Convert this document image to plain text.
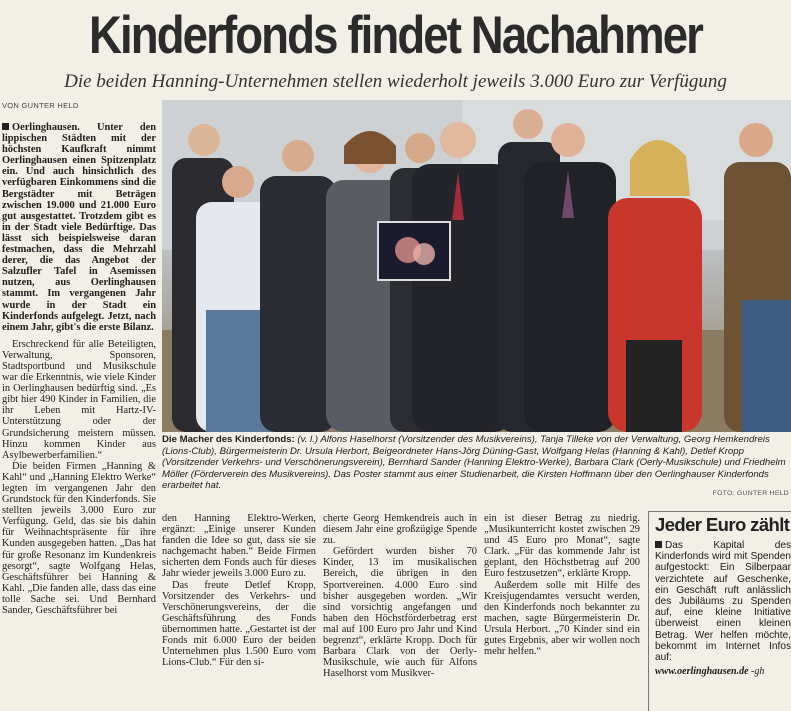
Kinderfonds findet Nachahmer
Die beiden Hanning-Unternehmen stellen wiederholt jeweils 3.000 Euro zur Verfügung
VON GUNTER HELD

Oerlinghausen. Unter den lippischen Städten mit der höchsten Kaufkraft nimmt Oerlinghausen einen Spitzenplatz ein. Und auch hinsichtlich des verfügbaren Einkommens sind die Bergstädter mit Beträgen zwischen 19.000 und 21.000 Euro gut ausgestattet. Trotzdem gibt es in der Stadt viele Bedürftige. Das lässt sich beispielsweise daran festmachen, dass die Mehrzahl derer, die das Angebot der Salzufler Tafel in Asemissen nutzen, aus Oerlinghausen stammt. Im vergangenen Jahr wurde in der Stadt ein Kinderfonds aufgelegt. Jetzt, nach einem Jahr, gibt's die erste Bilanz.

Erschreckend für alle Beteiligten, Verwaltung, Sponsoren, Stadtsportbund und Musikschule war die Erkenntnis, wie viele Kinder in Oerlinghausen bedürftig sind. „Es gibt hier 490 Kinder in Familien, die ihr Leben mit Hartz-IV-Unterstützung oder der Grundsicherung meistern müssen. Hinzu kommen Kinder aus Asylbewerberfamilien.“

Die beiden Firmen „Hanning & Kahl“ und „Hanning Elektro Werke“ legten im vergangenen Jahr den Grundstock für den Kinderfonds. Sie stellten jeweils 3.000 Euro zur Verfügung. Geld, das sie bis dahin für Weihnachtspräsente für ihre Kunden ausgegeben hatten. „Das hat für große Resonanz im Kundenkreis gesorgt“, sagte Wolfgang Helas, Geschäftsführer bei Hanning & Kahl. „Die fanden alle, dass das eine tolle Sache sei. Und Bernhard Sander, Geschäftsführer bei

Die Macher des Kinderfonds: (v. l.) Alfons Haselhorst (Vorsitzender des Musikvereins), Tanja Tilleke von der Verwaltung, Georg Hemkendreis (Lions-Club), Bürgermeisterin Dr. Ursula Herbort, Beigeordneter Hans-Jörg Düning-Gast, Wolfgang Helas (Hanning & Kahl), Detlef Kropp (Vorsitzender Verkehrs- und Verschönerungsverein), Bernhard Sander (Hanning Elektro-Werke), Barbara Clark (Oerly-Musikschule) und Friedhelm Möller (Förderverein des Musikvereins). Das Poster stammt aus einer Studienarbeit, die Kirsten Hoffmann über den Oerlinghauser Kinderfonds erarbeitet hat.
FOTO: GUNTER HELD

den Hanning Elektro-Werken, ergänzt: „Einige unserer Kunden fanden die Idee so gut, dass sie sie nachgemacht haben.“ Beide Firmen sicherten dem Fonds auch für dieses Jahr wieder jeweils 3.000 Euro zu.

Das freute Detlef Kropp, Vorsitzender des Verkehrs- und Verschönerungsvereins, der die Geschäftsführung des Fonds übernommen hatte. „Gestartet ist der Fonds mit 6.000 Euro der beiden Unternehmen plus 1.500 Euro vom Lions-Club.“ Für den si-

cherte Georg Hemkendreis auch in diesem Jahr eine großzügige Spende zu.

Gefördert wurden bisher 70 Kinder, 13 im musikalischen Bereich, die übrigen in den Sportvereinen. 4.000 Euro sind bisher ausgegeben worden. „Wir sind vorsichtig angefangen und haben den Höchstförderbetrag erst mal auf 100 Euro pro Jahr und Kind begrenzt“, erklärte Kropp. Doch für Barbara Clark von der Oerly-Musikschule, wie auch für Alfons Haselhorst vom Musikver-

ein ist dieser Betrag zu niedrig. „Musikunterricht kostet zwischen 29 und 45 Euro pro Monat“, sagte Clark. „Für das kommende Jahr ist geplant, den Höchstbetrag auf 200 Euro festzusetzen“, erklärte Kropp.

Außerdem solle mit Hilfe des Kreisjugendamtes versucht werden, den Kinderfonds noch bekannter zu machen, sagte Bürgermeisterin Dr. Ursula Herbort. „70 Kinder sind ein gutes Ergebnis, aber wir wollen noch mehr helfen.“

Jeder Euro zählt
Das Kapital des Kinderfonds wird mit Spenden aufgestockt: Ein Silberpaar verzichtete auf Geschenke, ein Geschäft ruft anlässlich des Jubiläums zu Spenden auf, eine kleine Initiative überweist einen kleinen Betrag. Wer helfen möchte, bekommt im Internet Infos auf:
www.oerlinghausen.de -gh
